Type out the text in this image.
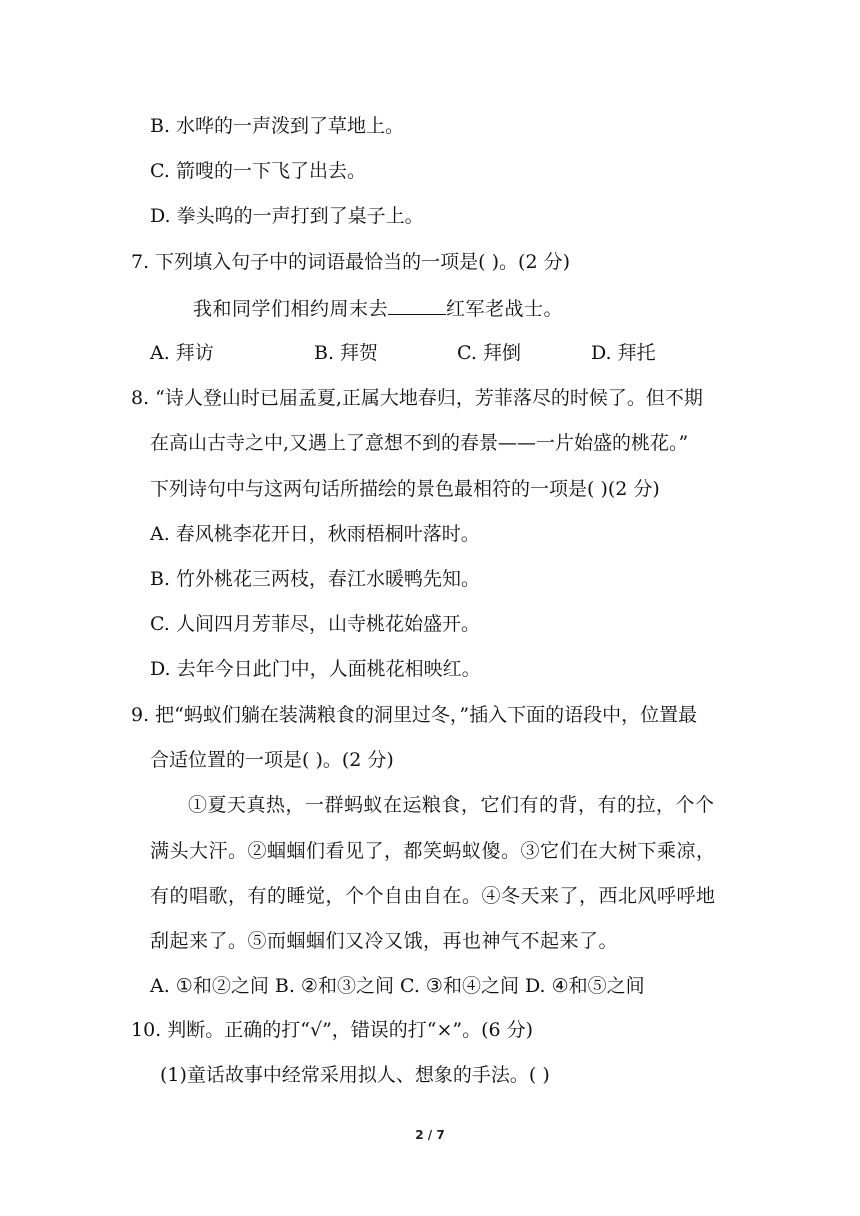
B. 水哗的一声泼到了草地上。
C. 箭嗖的一下飞了出去。
D. 拳头呜的一声打到了桌子上。
7. 下列填入句子中的词语最恰当的一项是( )。(2 分)
我和同学们相约周末去	红军老战士。
A. 拜访	B. 拜贺	C. 拜倒	D. 拜托
8. “诗人登山时已届孟夏,正属大地春归，芳菲落尽的时候了。但不期
在高山古寺之中,又遇上了意想不到的春景——一片始盛的桃花。”
下列诗句中与这两句话所描绘的景色最相符的一项是( )(2 分)
A. 春风桃李花开日，秋雨梧桐叶落时。
B. 竹外桃花三两枝，春江水暖鸭先知。
C. 人间四月芳菲尽，山寺桃花始盛开。
D. 去年今日此门中，人面桃花相映红。
9. 把“蚂蚁们躺在装满粮食的洞里过冬，”插入下面的语段中，位置最
合适位置的一项是( )。(2 分)
①夏天真热，一群蚂蚁在运粮食，它们有的背，有的拉，个个
满头大汗。②蝈蝈们看见了，都笑蚂蚁傻。③它们在大树下乘凉，
有的唱歌，有的睡觉，个个自由自在。④冬天来了，西北风呼呼地
刮起来了。⑤而蝈蝈们又冷又饿，再也神气不起来了。
A. ①和②之间 B. ②和③之间 C. ③和④之间 D. ④和⑤之间
10. 判断。正确的打“√”，错误的打“×”。(6 分)
(1)童话故事中经常采用拟人、想象的手法。( )
2 / 7
